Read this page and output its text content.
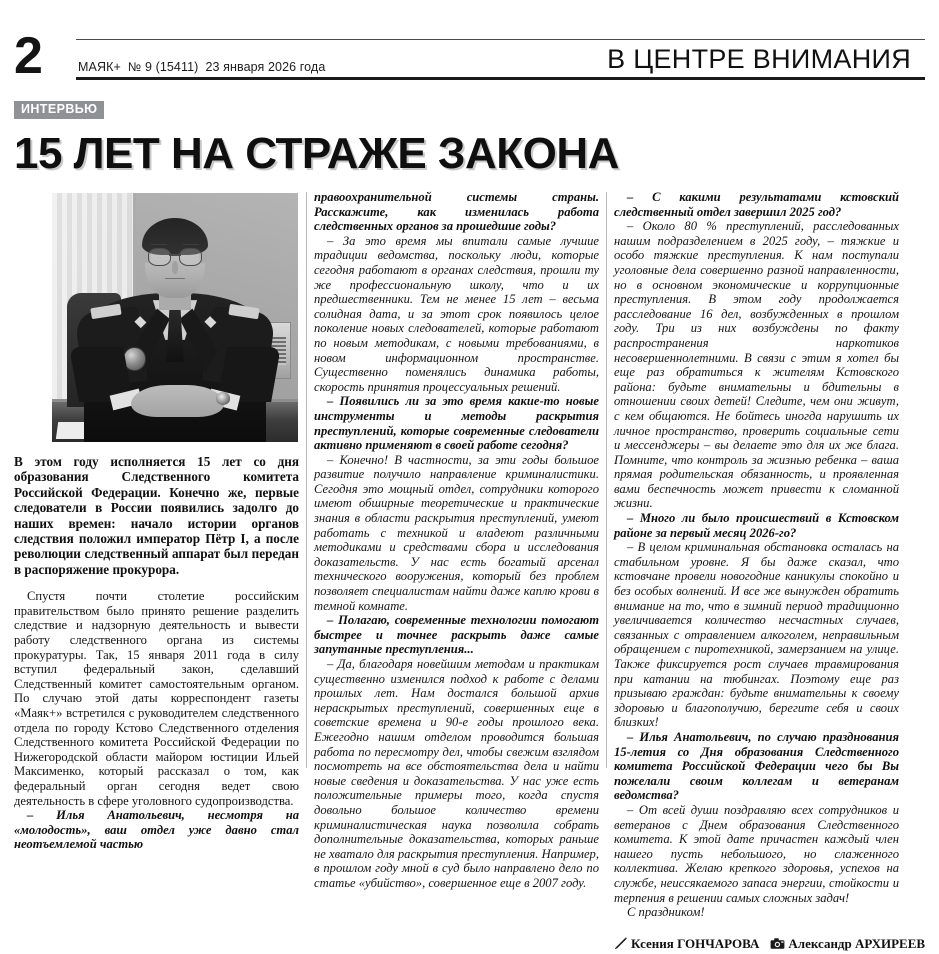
2	МАЯК+ № 9 (15411) 23 января 2026 года	В ЦЕНТРЕ ВНИМАНИЯ
ИНТЕРВЬЮ
15 ЛЕТ НА СТРАЖЕ ЗАКОНА
В этом году исполняется 15 лет со дня образования Следственного комитета Российской Федерации. Конечно же, первые следователи в России появились задолго до наших времен: начало истории органов следствия положил император Пётр I, а после революции следственный аппарат был передан в распоряжение прокурора.

Спустя почти столетие российским правительством было принято решение разделить следствие и надзорную деятельность и вывести работу следственного органа из системы прокуратуры. Так, 15 января 2011 года в силу вступил федеральный закон, сделавший Следственный комитет самостоятельным органом. По случаю этой даты корреспондент газеты «Маяк+» встретился с руководителем следственного отдела по городу Кстово Следственного отделения Следственного комитета Российской Федерации по Нижегородской области майором юстиции Ильей Максименко, который рассказал о том, как федеральный орган сегодня ведет свою деятельность в сфере уголовного судопроизводства.

– Илья Анатольевич, несмотря на «молодость», ваш отдел уже давно стал неотъемлемой частью

правоохранительной системы страны. Расскажите, как изменилась работа следственных органов за прошедшие годы?

– За это время мы впитали самые лучшие традиции ведомства, поскольку люди, которые сегодня работают в органах следствия, прошли ту же профессиональную школу, что и их предшественники. Тем не менее 15 лет – весьма солидная дата, и за этот срок появилось целое поколение новых следователей, которые работают по новым методикам, с новыми требованиями, в новом информационном пространстве. Существенно поменялись динамика работы, скорость принятия процессуальных решений.

– Появились ли за это время какие-то новые инструменты и методы раскрытия преступлений, которые современные следователи активно применяют в своей работе сегодня?

– Конечно! В частности, за эти годы большое развитие получило направление криминалистики. Сегодня это мощный отдел, сотрудники которого имеют обширные теоретические и практические знания в области раскрытия преступлений, умеют работать с техникой и владеют различными методиками и средствами сбора и исследования доказательств. У нас есть богатый арсенал технического вооружения, который без проблем позволяет специалистам найти даже каплю крови в темной комнате.

– Полагаю, современные технологии помогают быстрее и точнее раскрыть даже самые запутанные преступления...

– Да, благодаря новейшим методам и практикам существенно изменился подход к работе с делами прошлых лет. Нам достался большой архив нераскрытых преступлений, совершенных еще в советские времена и 90-е годы прошлого века. Ежегодно нашим отделом проводится большая работа по пересмотру дел, чтобы свежим взглядом посмотреть на все обстоятельства дела и найти новые сведения и доказательства. У нас уже есть положительные примеры того, когда спустя довольно большое количество времени криминалистическая наука позволила собрать дополнительные доказательства, которых раньше не хватало для раскрытия преступления. Например, в прошлом году мной в суд было направлено дело по статье «убийство», совершенное еще в 2007 году.

– С какими результатами кстовский следственный отдел завершил 2025 год?

– Около 80 % преступлений, расследованных нашим подразделением в 2025 году, – тяжкие и особо тяжкие преступления. К нам поступали уголовные дела совершенно разной направленности, но в основном экономические и коррупционные преступления. В этом году продолжается расследование 16 дел, возбужденных в прошлом году. Три из них возбуждены по факту распространения наркотиков несовершеннолетними. В связи с этим я хотел бы еще раз обратиться к жителям Кстовского района: будьте внимательны и бдительны в отношении своих детей! Следите, чем они живут, с кем общаются. Не бойтесь иногда нарушить их личное пространство, проверить социальные сети и мессенджеры – вы делаете это для их же блага. Помните, что контроль за жизнью ребенка – ваша прямая родительская обязанность, и проявленная вами беспечность может привести к сломанной жизни.

– Много ли было происшествий в Кстовском районе за первый месяц 2026-го?

– В целом криминальная обстановка осталась на стабильном уровне. Я бы даже сказал, что кстовчане провели новогодние каникулы спокойно и без особых волнений. И все же вынужден обратить внимание на то, что в зимний период традиционно увеличивается количество несчастных случаев, связанных с отравлением алкоголем, неправильным обращением с пиротехникой, замерзанием на улице. Также фиксируется рост случаев травмирования при катании на тюбингах. Поэтому еще раз призываю граждан: будьте внимательны к своему здоровью и благополучию, берегите себя и своих близких!

– Илья Анатольевич, по случаю празднования 15-летия со Дня образования Следственного комитета Российской Федерации чего бы Вы пожелали своим коллегам и ветеранам ведомства?

– От всей души поздравляю всех сотрудников и ветеранов с Днем образования Следственного комитета. К этой дате причастен каждый член нашего пусть небольшого, но слаженного коллектива. Желаю крепкого здоровья, успехов на службе, неиссякаемого запаса энергии, стойкости и терпения в решении самых сложных задач!

С праздником!

Ксения ГОНЧАРОВА Александр АРХИРЕЕВ
